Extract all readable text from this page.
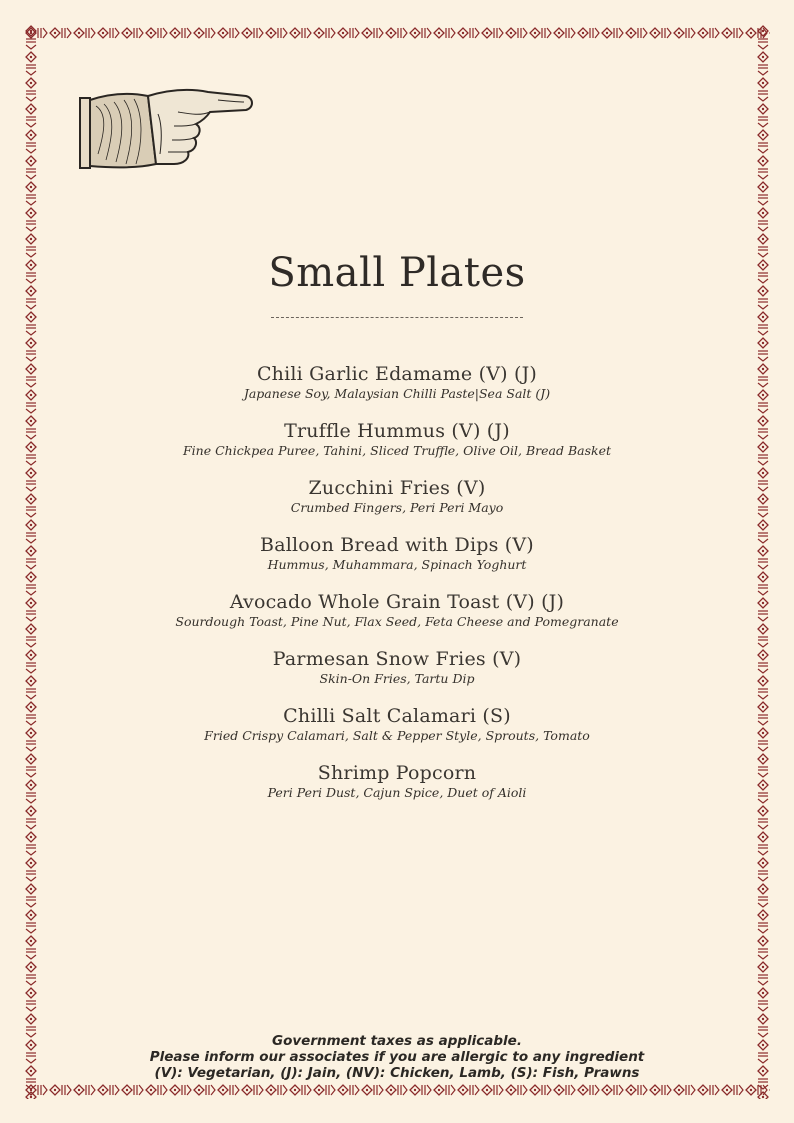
Small Plates
Chili Garlic Edamame (V) (J)
Japanese Soy, Malaysian Chilli Paste|Sea Salt (J)
Truffle Hummus (V) (J)
Fine Chickpea Puree, Tahini, Sliced Truffle, Olive Oil, Bread Basket
Zucchini Fries (V)
Crumbed Fingers, Peri Peri Mayo
Balloon Bread with Dips (V)
Hummus, Muhammara, Spinach Yoghurt
Avocado Whole Grain Toast (V) (J)
Sourdough Toast, Pine Nut, Flax Seed, Feta Cheese and Pomegranate
Parmesan Snow Fries (V)
Skin-On Fries, Tartu Dip
Chilli Salt Calamari (S)
Fried Crispy Calamari, Salt & Pepper Style, Sprouts, Tomato
Shrimp Popcorn
Peri Peri Dust, Cajun Spice, Duet of Aioli
Government taxes as applicable.
Please inform our associates if you are allergic to any ingredient
(V): Vegetarian, (J): Jain, (NV): Chicken, Lamb, (S): Fish, Prawns
